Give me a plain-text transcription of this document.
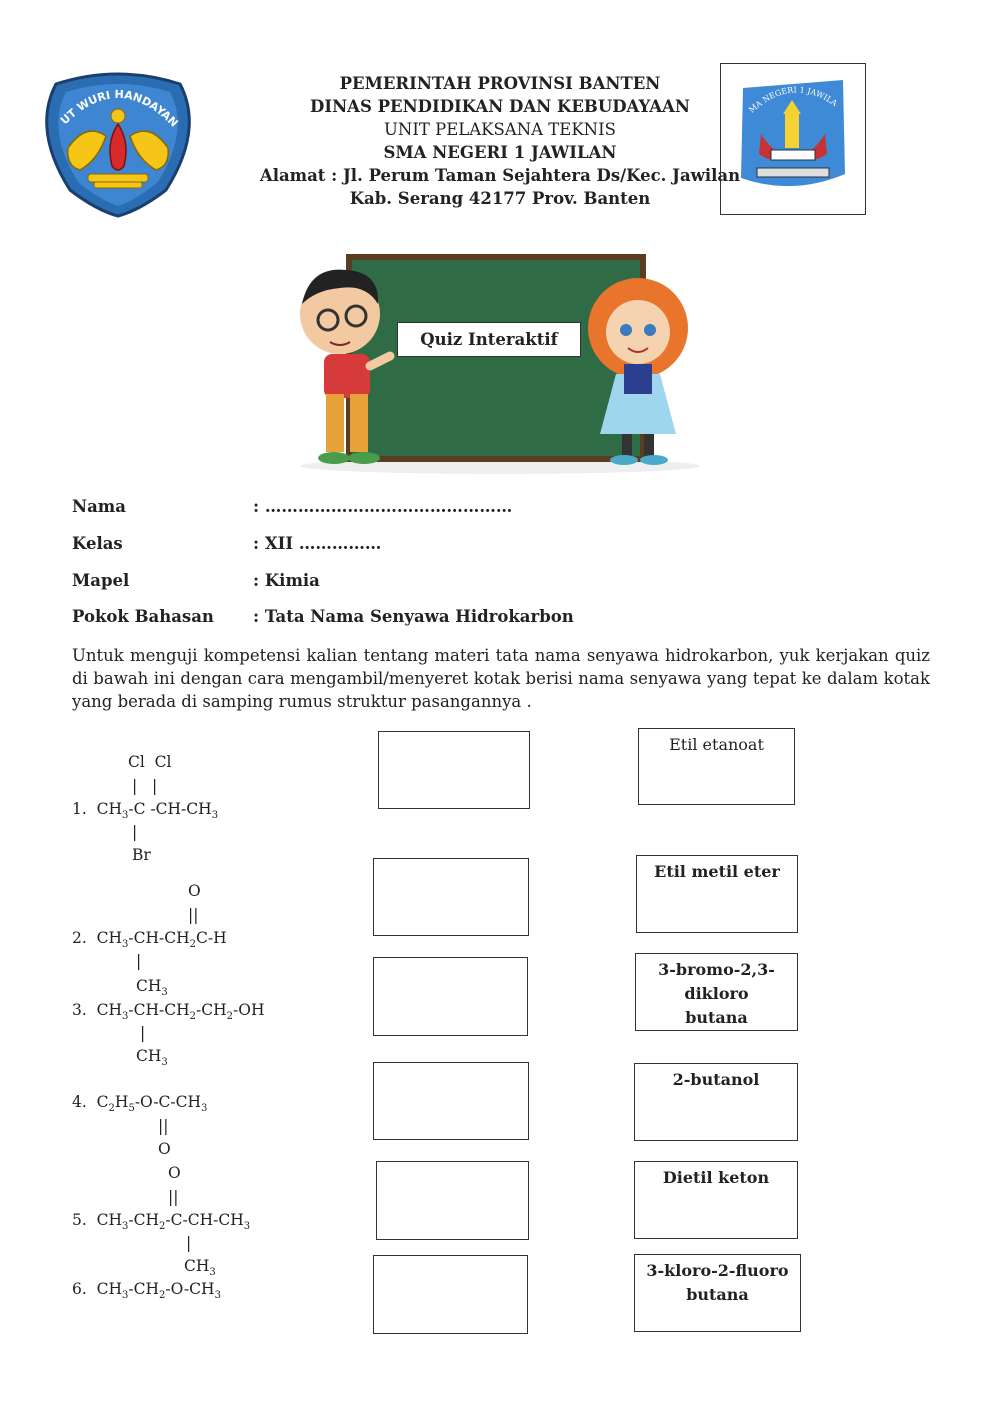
UT WURI HANDAYAN
PEMERINTAH PROVINSI BANTEN
DINAS PENDIDIKAN DAN KEBUDAYAAN
UNIT PELAKSANA TEKNIS
SMA NEGERI 1 JAWILAN
Alamat : Jl. Perum Taman Sejahtera Ds/Kec. Jawilan
Kab. Serang 42177 Prov. Banten
MA NEGERI 1 JAWILA
Quiz Interaktif
Nama	: ………………………………………
Kelas	: XII ……………
Mapel	: Kimia
Pokok Bahasan : Tata Nama Senyawa Hidrokarbon
Untuk menguji kompetensi kalian tentang materi tata nama senyawa hidrokarbon, yuk kerjakan quiz di bawah ini dengan cara mengambil/menyeret kotak berisi nama senyawa yang tepat ke dalam kotak yang berada di samping rumus struktur pasangannya .

Cl  Cl
|   |
1. $CH_3-C$ $-CH-CH_3$
|
Br

O
||
2. $CH_3-CH-CH_2C-H$
|

$CH_3$
3. $CH_3-CH-CH_2-CH_2-OH$
|
$CH_3$

4. $C_2H_5-O-C-CH_3$
||
O

O
||
5. $CH_3-CH_2-C-CH-CH_3$
|
$CH_3$

6. $CH_3-CH_2-O-CH_3$
Etil etanoat
Etil metil eter
3-bromo-2,3-dikloro butana
2-butanol
Dietil keton
3-kloro-2-fluoro butana
